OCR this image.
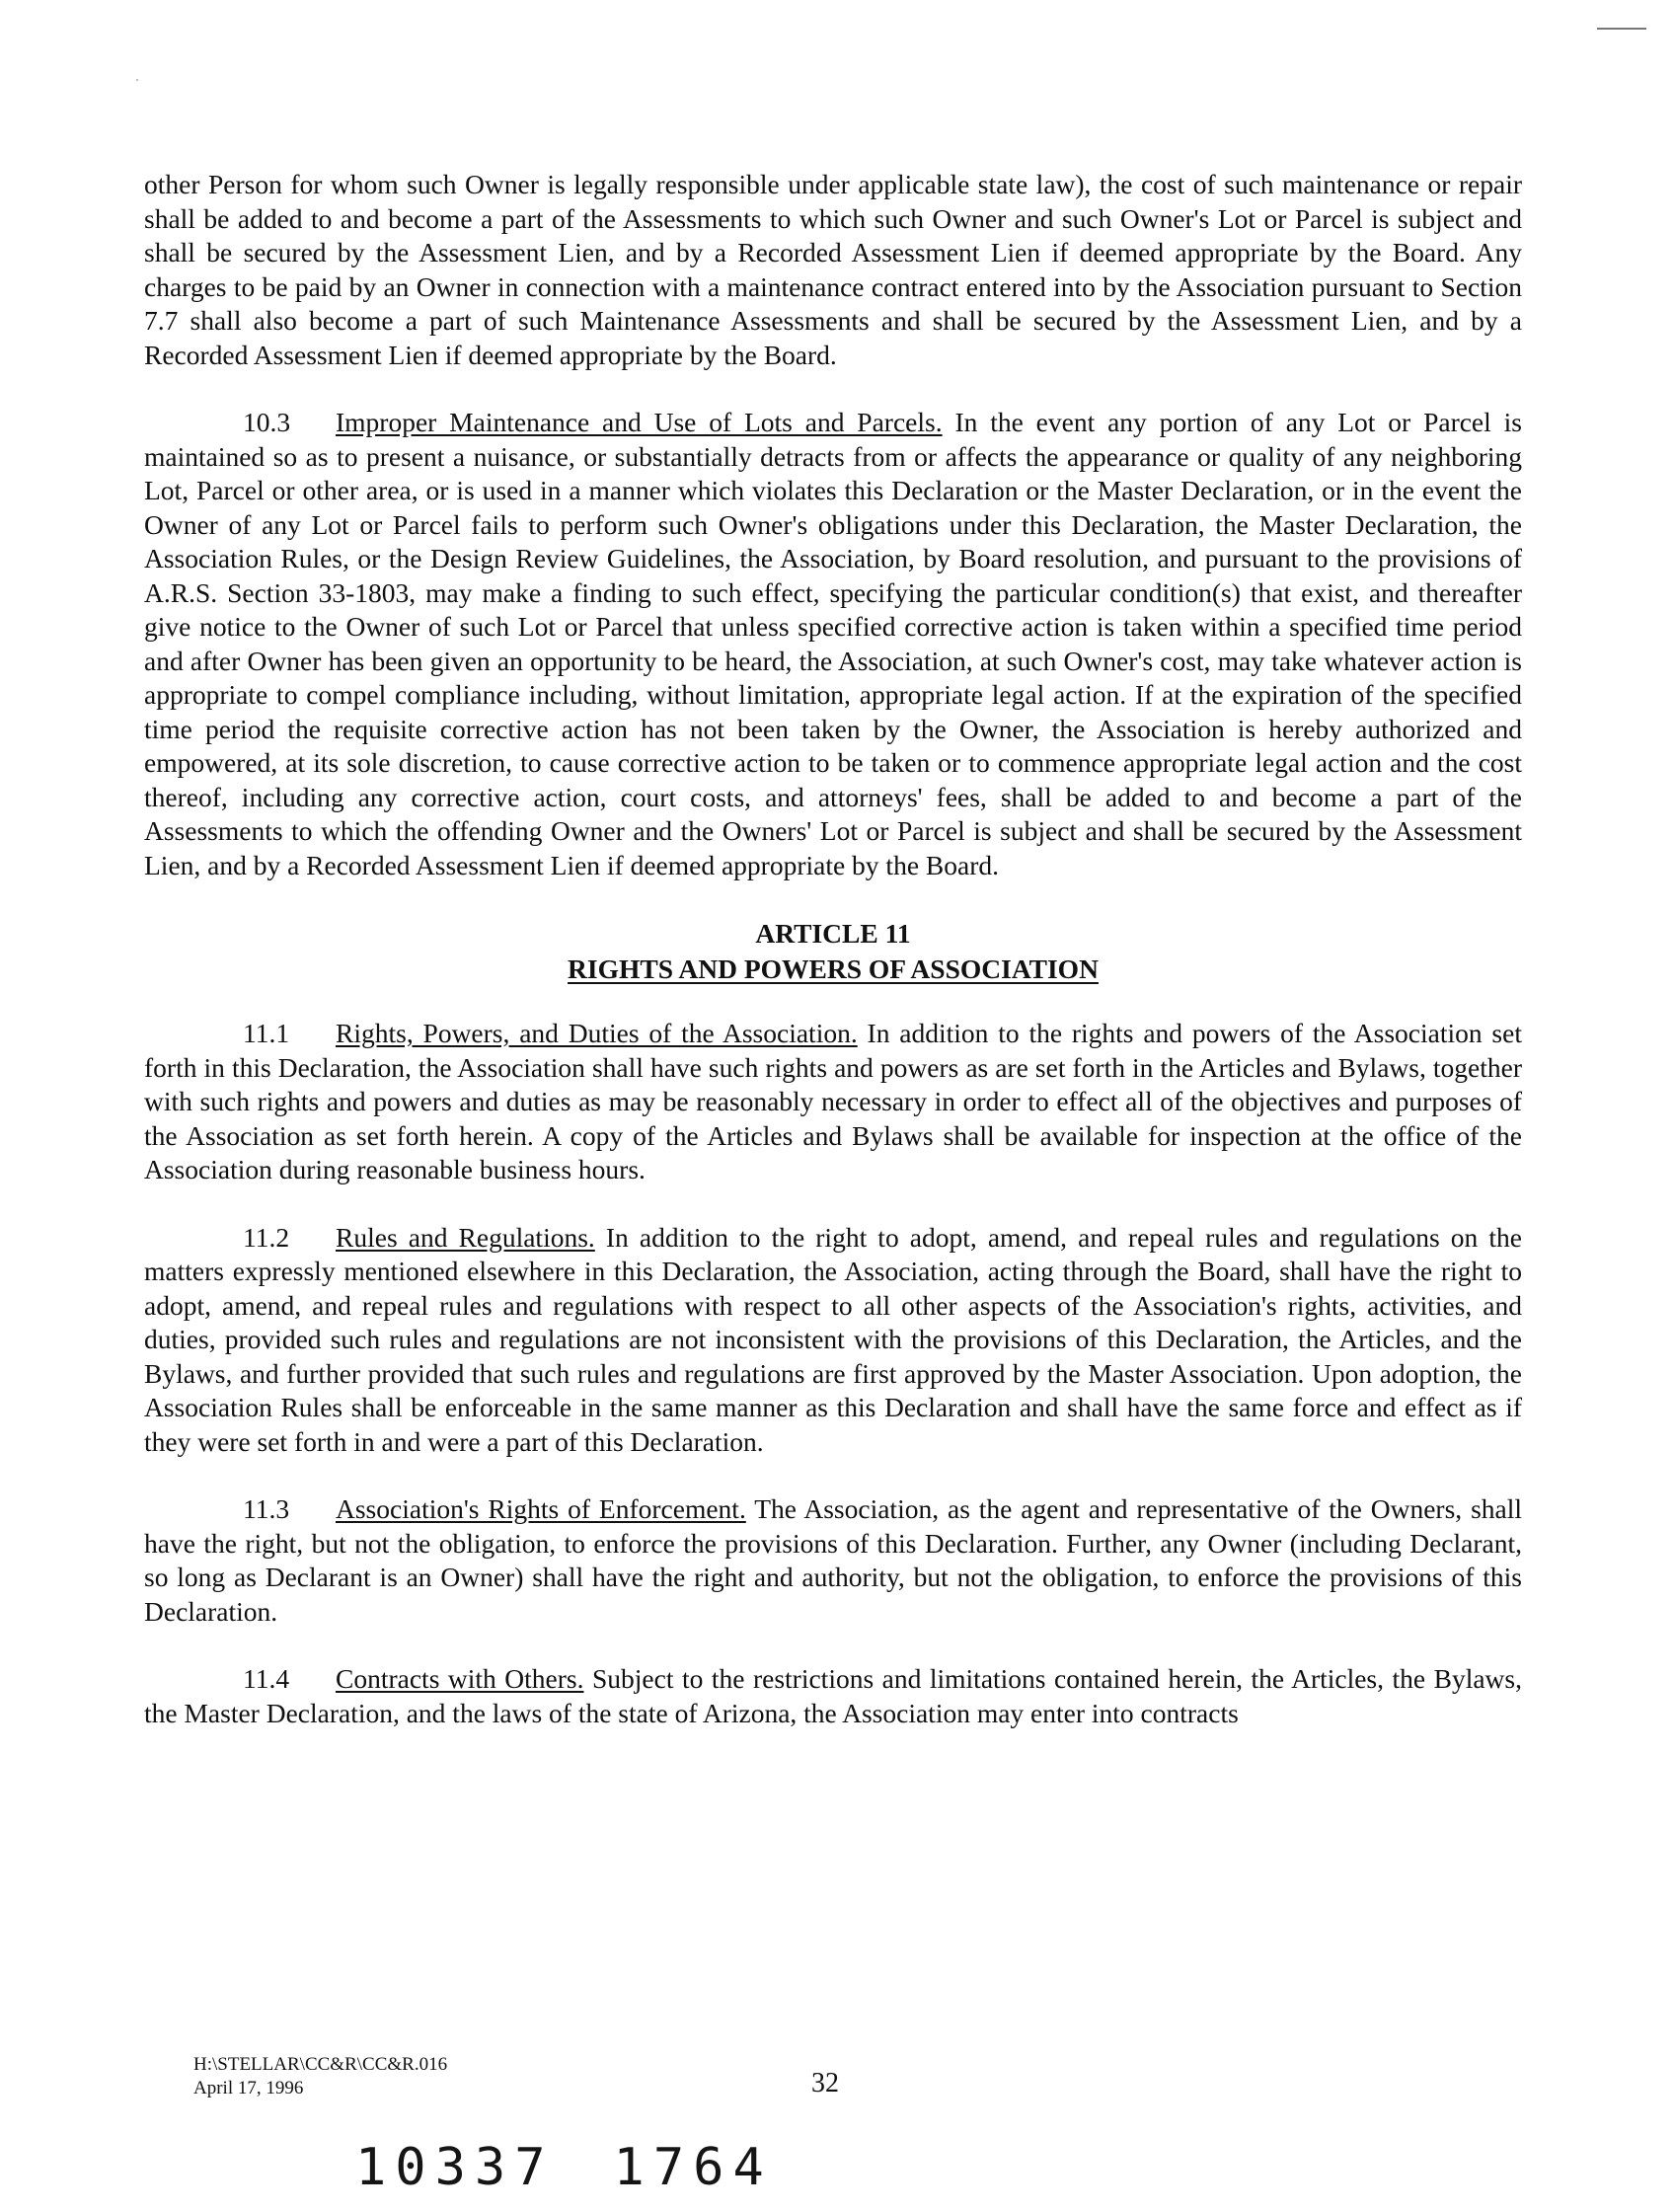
other Person for whom such Owner is legally responsible under applicable state law), the cost of such maintenance or repair shall be added to and become a part of the Assessments to which such Owner and such Owner's Lot or Parcel is subject and shall be secured by the Assessment Lien, and by a Recorded Assessment Lien if deemed appropriate by the Board. Any charges to be paid by an Owner in connection with a maintenance contract entered into by the Association pursuant to Section 7.7 shall also become a part of such Maintenance Assessments and shall be secured by the Assessment Lien, and by a Recorded Assessment Lien if deemed appropriate by the Board.

10.3 Improper Maintenance and Use of Lots and Parcels. In the event any portion of any Lot or Parcel is maintained so as to present a nuisance, or substantially detracts from or affects the appearance or quality of any neighboring Lot, Parcel or other area, or is used in a manner which violates this Declaration or the Master Declaration, or in the event the Owner of any Lot or Parcel fails to perform such Owner's obligations under this Declaration, the Master Declaration, the Association Rules, or the Design Review Guidelines, the Association, by Board resolution, and pursuant to the provisions of A.R.S. Section 33-1803, may make a finding to such effect, specifying the particular condition(s) that exist, and thereafter give notice to the Owner of such Lot or Parcel that unless specified corrective action is taken within a specified time period and after Owner has been given an opportunity to be heard, the Association, at such Owner's cost, may take whatever action is appropriate to compel compliance including, without limitation, appropriate legal action. If at the expiration of the specified time period the requisite corrective action has not been taken by the Owner, the Association is hereby authorized and empowered, at its sole discretion, to cause corrective action to be taken or to commence appropriate legal action and the cost thereof, including any corrective action, court costs, and attorneys' fees, shall be added to and become a part of the Assessments to which the offending Owner and the Owners' Lot or Parcel is subject and shall be secured by the Assessment Lien, and by a Recorded Assessment Lien if deemed appropriate by the Board.

ARTICLE 11
RIGHTS AND POWERS OF ASSOCIATION

11.1 Rights, Powers, and Duties of the Association. In addition to the rights and powers of the Association set forth in this Declaration, the Association shall have such rights and powers as are set forth in the Articles and Bylaws, together with such rights and powers and duties as may be reasonably necessary in order to effect all of the objectives and purposes of the Association as set forth herein. A copy of the Articles and Bylaws shall be available for inspection at the office of the Association during reasonable business hours.

11.2 Rules and Regulations. In addition to the right to adopt, amend, and repeal rules and regulations on the matters expressly mentioned elsewhere in this Declaration, the Association, acting through the Board, shall have the right to adopt, amend, and repeal rules and regulations with respect to all other aspects of the Association's rights, activities, and duties, provided such rules and regulations are not inconsistent with the provisions of this Declaration, the Articles, and the Bylaws, and further provided that such rules and regulations are first approved by the Master Association. Upon adoption, the Association Rules shall be enforceable in the same manner as this Declaration and shall have the same force and effect as if they were set forth in and were a part of this Declaration.

11.3 Association's Rights of Enforcement. The Association, as the agent and representative of the Owners, shall have the right, but not the obligation, to enforce the provisions of this Declaration. Further, any Owner (including Declarant, so long as Declarant is an Owner) shall have the right and authority, but not the obligation, to enforce the provisions of this Declaration.

11.4 Contracts with Others. Subject to the restrictions and limitations contained herein, the Articles, the Bylaws, the Master Declaration, and the laws of the state of Arizona, the Association may enter into contracts

H:\STELLAR\CC&R\CC&R.016
April 17, 1996	32
10337 1764
